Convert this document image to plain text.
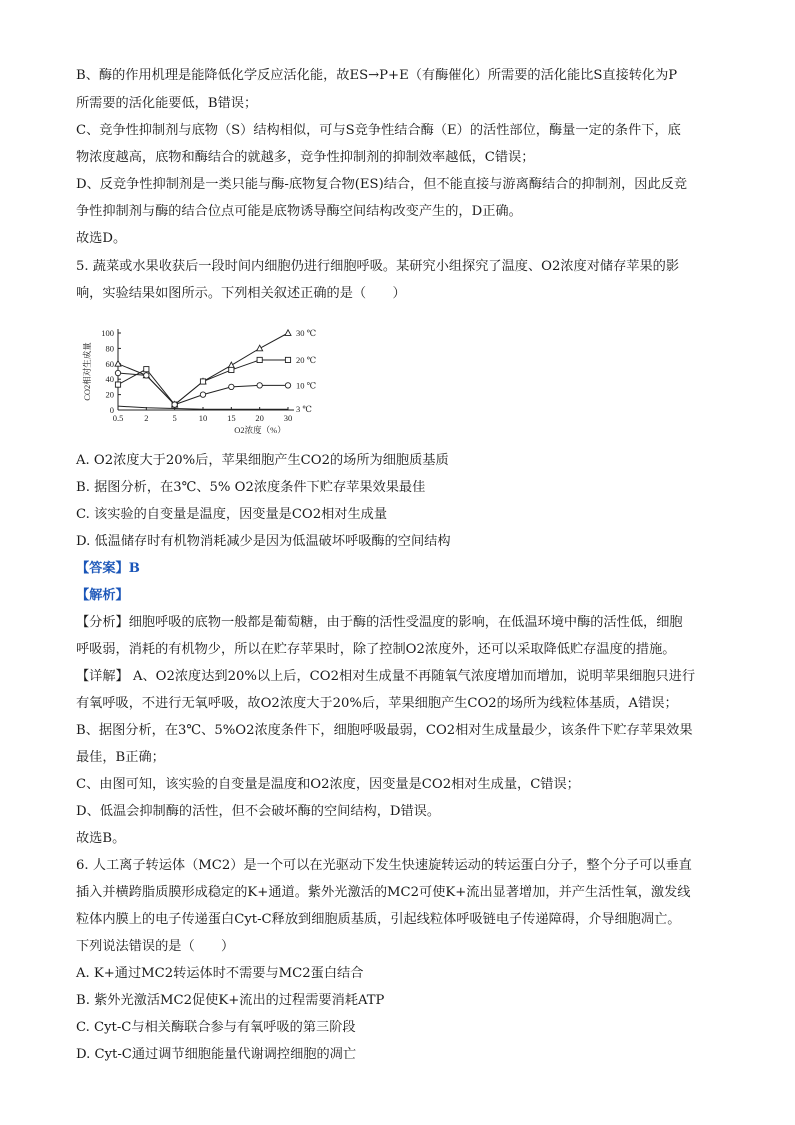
B、酶的作用机理是能降低化学反应活化能，故ES→P+E（有酶催化）所需要的活化能比S直接转化为P
所需要的活化能要低，B错误；
C、竞争性抑制剂与底物（S）结构相似，可与S竞争性结合酶（E）的活性部位，酶量一定的条件下，底
物浓度越高，底物和酶结合的就越多，竞争性抑制剂的抑制效率越低，C错误；
D、反竞争性抑制剂是一类只能与酶-底物复合物(ES)结合，但不能直接与游离酶结合的抑制剂，因此反竞
争性抑制剂与酶的结合位点可能是底物诱导酶空间结构改变产生的，D正确。
故选D。
5. 蔬菜或水果收获后一段时间内细胞仍进行细胞呼吸。某研究小组探究了温度、O2浓度对储存苹果的影
响，实验结果如图所示。下列相关叙述正确的是（　　）
0
20
40
60
80
100
0.5 2	5	10 15 20 30
O2浓度（%）
CO2相对生成量
30 ℃
20 ℃
10 ℃
3 ℃
A. O2浓度大于20%后，苹果细胞产生CO2的场所为细胞质基质
B. 据图分析，在3℃、5% O2浓度条件下贮存苹果效果最佳
C. 该实验的自变量是温度，因变量是CO2相对生成量
D. 低温储存时有机物消耗减少是因为低温破坏呼吸酶的空间结构
【答案】B
【解析】
【分析】细胞呼吸的底物一般都是葡萄糖，由于酶的活性受温度的影响，在低温环境中酶的活性低，细胞
呼吸弱，消耗的有机物少，所以在贮存苹果时，除了控制O2浓度外，还可以采取降低贮存温度的措施。
【详解】 A、O2浓度达到20%以上后，CO2相对生成量不再随氧气浓度增加而增加，说明苹果细胞只进行
有氧呼吸，不进行无氧呼吸，故O2浓度大于20%后，苹果细胞产生CO2的场所为线粒体基质，A错误；
B、据图分析，在3℃、5%O2浓度条件下，细胞呼吸最弱，CO2相对生成量最少，该条件下贮存苹果效果
最佳，B正确；
C、由图可知，该实验的自变量是温度和O2浓度，因变量是CO2相对生成量，C错误；
D、低温会抑制酶的活性，但不会破坏酶的空间结构，D错误。
故选B。
6. 人工离子转运体（MC2）是一个可以在光驱动下发生快速旋转运动的转运蛋白分子，整个分子可以垂直
插入并横跨脂质膜形成稳定的K+通道。紫外光激活的MC2可使K+流出显著增加，并产生活性氧，激发线
粒体内膜上的电子传递蛋白Cyt-C释放到细胞质基质，引起线粒体呼吸链电子传递障碍，介导细胞凋亡。
下列说法错误的是（　　）
A. K+通过MC2转运体时不需要与MC2蛋白结合
B. 紫外光激活MC2促使K+流出的过程需要消耗ATP
C. Cyt-C与相关酶联合参与有氧呼吸的第三阶段
D. Cyt-C通过调节细胞能量代谢调控细胞的凋亡
